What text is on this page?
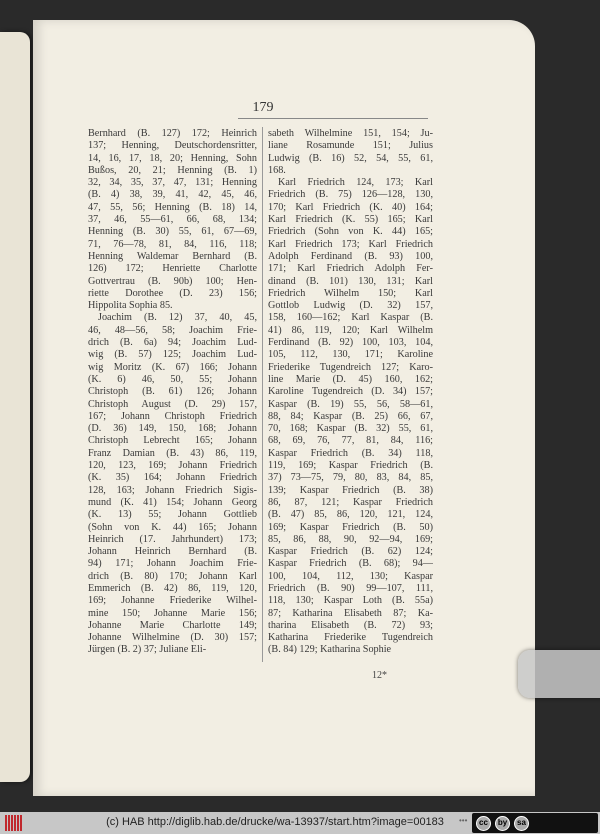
179
Bernhard (B. 127) 172; Heinrich
137; Henning, Deutschordensritter,
14, 16, 17, 18, 20; Henning, Sohn
Bußos, 20, 21; Henning (B. 1)
32, 34, 35, 37, 47, 131; Henning
(B. 4) 38, 39, 41, 42, 45, 46,
47, 55, 56; Henning (B. 18) 14,
37, 46, 55—61, 66, 68, 134;
Henning (B. 30) 55, 61, 67—69,
71, 76—78, 81, 84, 116, 118;
Henning Waldemar Bernhard (B.
126) 172; Henriette Charlotte
Gottvertrau (B. 90b) 100; Hen-
riette Dorothee (D. 23) 156;
Hippolita Sophia 85.
Joachim (B. 12) 37, 40, 45,
46, 48—56, 58; Joachim Frie-
drich (B. 6a) 94; Joachim Lud-
wig (B. 57) 125; Joachim Lud-
wig Moritz (K. 67) 166; Johann
(K. 6) 46, 50, 55; Johann
Christoph (B. 61) 126; Johann
Christoph August (D. 29) 157,
167; Johann Christoph Friedrich
(D. 36) 149, 150, 168; Johann
Christoph Lebrecht 165; Johann
Franz Damian (B. 43) 86, 119,
120, 123, 169; Johann Friedrich
(K. 35) 164; Johann Friedrich
128, 163; Johann Friedrich Sigis-
mund (K. 41) 154; Johann Georg
(K. 13) 55; Johann Gottlieb
(Sohn von K. 44) 165; Johann
Heinrich (17. Jahrhundert) 173;
Johann Heinrich Bernhard (B.
94) 171; Johann Joachim Frie-
drich (B. 80) 170; Johann Karl
Emmerich (B. 42) 86, 119, 120,
169; Johanne Friederike Wilhel-
mine 150; Johanne Marie 156;
Johanne Marie Charlotte 149;
Johanne Wilhelmine (D. 30) 157;
Jürgen (B. 2) 37; Juliane Eli-
sabeth Wilhelmine 151, 154; Ju-
liane Rosamunde 151; Julius
Ludwig (B. 16) 52, 54, 55, 61,
168.
Karl Friedrich 124, 173; Karl
Friedrich (B. 75) 126—128, 130,
170; Karl Friedrich (K. 40) 164;
Karl Friedrich (K. 55) 165; Karl
Friedrich (Sohn von K. 44) 165;
Karl Friedrich 173; Karl Friedrich
Adolph Ferdinand (B. 93) 100,
171; Karl Friedrich Adolph Fer-
dinand (B. 101) 130, 131; Karl
Friedrich Wilhelm 150; Karl
Gottlob Ludwig (D. 32) 157,
158, 160—162; Karl Kaspar (B.
41) 86, 119, 120; Karl Wilhelm
Ferdinand (B. 92) 100, 103, 104,
105, 112, 130, 171; Karoline
Friederike Tugendreich 127; Karo-
line Marie (D. 45) 160, 162;
Karoline Tugendreich (D. 34) 157;
Kaspar (B. 19) 55, 56, 58—61,
88, 84; Kaspar (B. 25) 66, 67,
70, 168; Kaspar (B. 32) 55, 61,
68, 69, 76, 77, 81, 84, 116;
Kaspar Friedrich (B. 34) 118,
119, 169; Kaspar Friedrich (B.
37) 73—75, 79, 80, 83, 84, 85,
139; Kaspar Friedrich (B. 38)
86, 87, 121; Kaspar Friedrich
(B. 47) 85, 86, 120, 121, 124,
169; Kaspar Friedrich (B. 50)
85, 86, 88, 90, 92—94, 169;
Kaspar Friedrich (B. 62) 124;
Kaspar Friedrich (B. 68); 94—
100, 104, 112, 130; Kaspar
Friedrich (B. 90) 99—107, 111,
118, 130; Kaspar Loth (B. 55a)
87; Katharina Elisabeth 87; Ka-
tharina Elisabeth (B. 72) 93;
Katharina Friederike Tugendreich
(B. 84) 129; Katharina Sophie
12*
(c) HAB http://diglib.hab.de/drucke/wa-13937/start.htm?image=00183	•••	cc	by	sa
